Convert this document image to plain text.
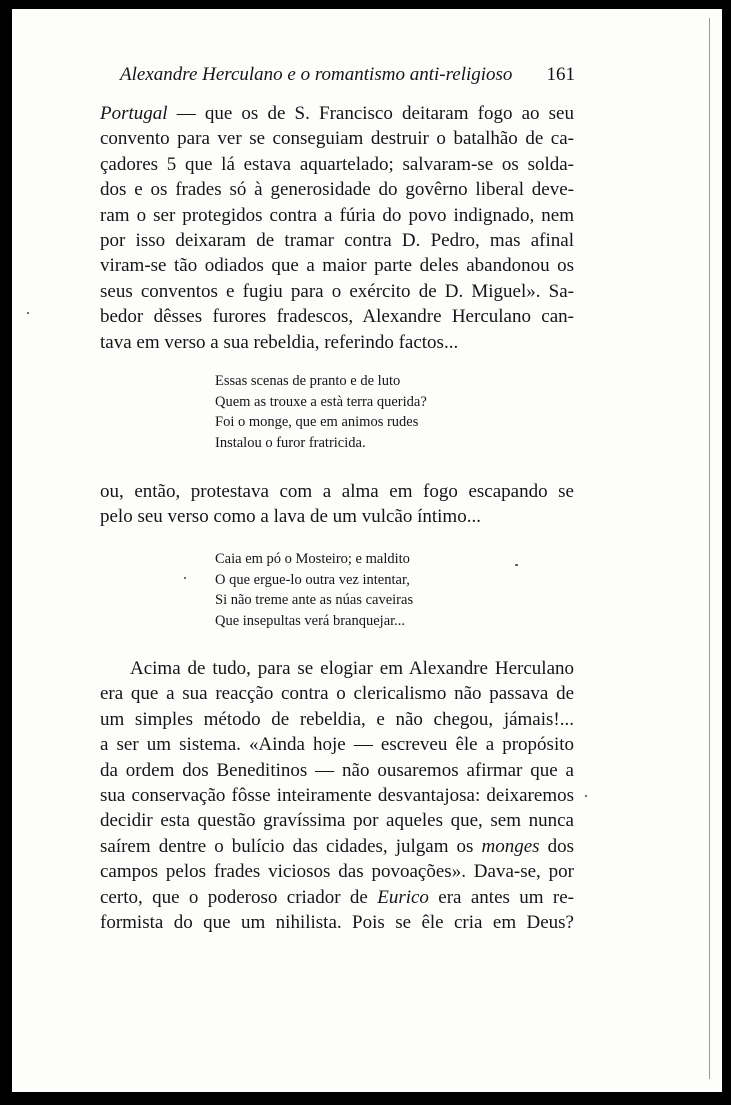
Alexandre Herculano e o romantismo anti-religioso 161
Portugal — que os de S. Francisco deitaram fogo ao seu
convento para ver se conseguiam destruir o batalhão de ca-
çadores 5 que lá estava aquartelado; salvaram-se os solda-
dos e os frades só à generosidade do govêrno liberal deve-
ram o ser protegidos contra a fúria do povo indignado, nem
por isso deixaram de tramar contra D. Pedro, mas afinal
viram-se tão odiados que a maior parte deles abandonou os
seus conventos e fugiu para o exército de D. Miguel». Sa-
bedor dêsses furores fradescos, Alexandre Herculano can-
tava em verso a sua rebeldia, referindo factos...
Essas scenas de pranto e de luto
Quem as trouxe a està terra querida?
Foi o monge, que em animos rudes
Instalou o furor fratricida.
ou, então, protestava com a alma em fogo escapando se
pelo seu verso como a lava de um vulcão íntimo...
Caia em pó o Mosteiro; e maldito
O que ergue-lo outra vez intentar,
Si não treme ante as núas caveiras
Que insepultas verá branquejar...
Acima de tudo, para se elogiar em Alexandre Herculano
era que a sua reacção contra o clericalismo não passava de
um simples método de rebeldia, e não chegou, jámais!...
a ser um sistema. «Ainda hoje — escreveu êle a propósito
da ordem dos Beneditinos — não ousaremos afirmar que a
sua conservação fôsse inteiramente desvantajosa: deixaremos
decidir esta questão gravíssima por aqueles que, sem nunca
saírem dentre o bulício das cidades, julgam os monges dos
campos pelos frades viciosos das povoações». Dava-se, por
certo, que o poderoso criador de Eurico era antes um re-
formista do que um nihilista. Pois se êle cria em Deus?
